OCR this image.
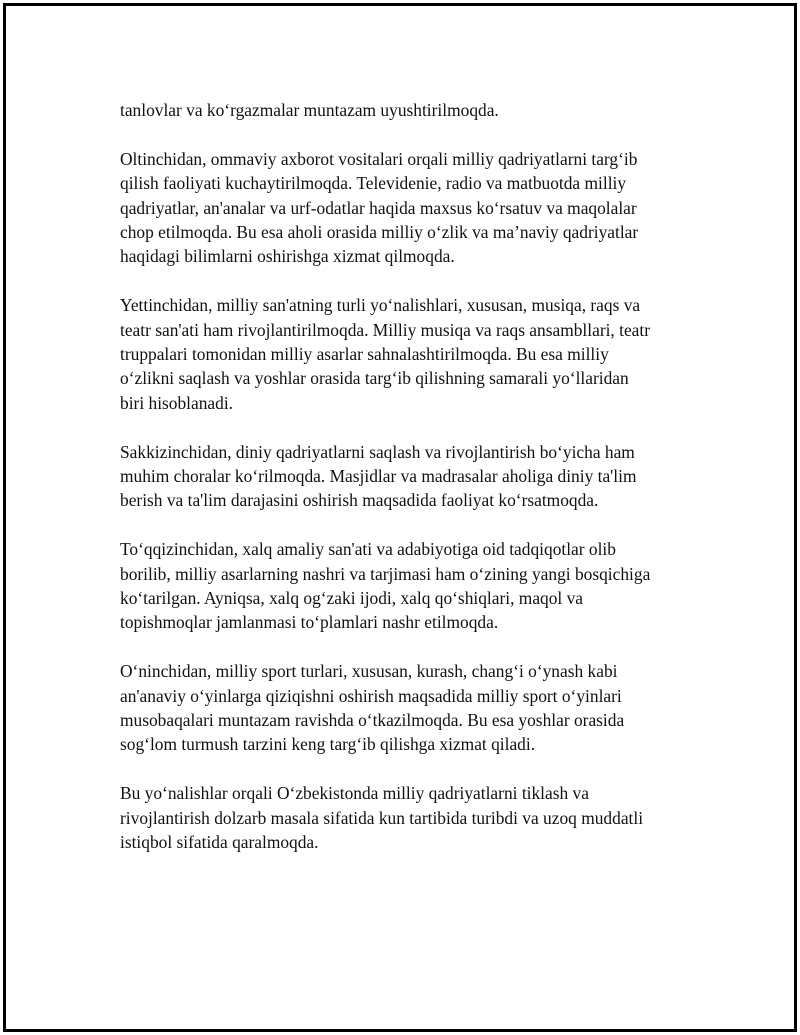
tanlovlar va ko‘rgazmalar muntazam uyushtirilmoqda.

Oltinchidan, ommaviy axborot vositalari orqali milliy qadriyatlarni targ‘ib
qilish faoliyati kuchaytirilmoqda. Televidenie, radio va matbuotda milliy
qadriyatlar, an'analar va urf-odatlar haqida maxsus ko‘rsatuv va maqolalar
chop etilmoqda. Bu esa aholi orasida milliy o‘zlik va ma’naviy qadriyatlar
haqidagi bilimlarni oshirishga xizmat qilmoqda.

Yettinchidan, milliy san'atning turli yo‘nalishlari, xususan, musiqa, raqs va
teatr san'ati ham rivojlantirilmoqda. Milliy musiqa va raqs ansambllari, teatr
truppalari tomonidan milliy asarlar sahnalashtirilmoqda. Bu esa milliy
o‘zlikni saqlash va yoshlar orasida targ‘ib qilishning samarali yo‘llaridan
biri hisoblanadi.

Sakkizinchidan, diniy qadriyatlarni saqlash va rivojlantirish bo‘yicha ham
muhim choralar ko‘rilmoqda. Masjidlar va madrasalar aholiga diniy ta'lim
berish va ta'lim darajasini oshirish maqsadida faoliyat ko‘rsatmoqda.

To‘qqizinchidan, xalq amaliy san'ati va adabiyotiga oid tadqiqotlar olib
borilib, milliy asarlarning nashri va tarjimasi ham o‘zining yangi bosqichiga
ko‘tarilgan. Ayniqsa, xalq og‘zaki ijodi, xalq qo‘shiqlari, maqol va
topishmoqlar jamlanmasi to‘plamlari nashr etilmoqda.

O‘ninchidan, milliy sport turlari, xususan, kurash, chang‘i o‘ynash kabi
an'anaviy o‘yinlarga qiziqishni oshirish maqsadida milliy sport o‘yinlari
musobaqalari muntazam ravishda o‘tkazilmoqda. Bu esa yoshlar orasida
sog‘lom turmush tarzini keng targ‘ib qilishga xizmat qiladi.

Bu yo‘nalishlar orqali O‘zbekistonda milliy qadriyatlarni tiklash va
rivojlantirish dolzarb masala sifatida kun tartibida turibdi va uzoq muddatli
istiqbol sifatida qaralmoqda.
